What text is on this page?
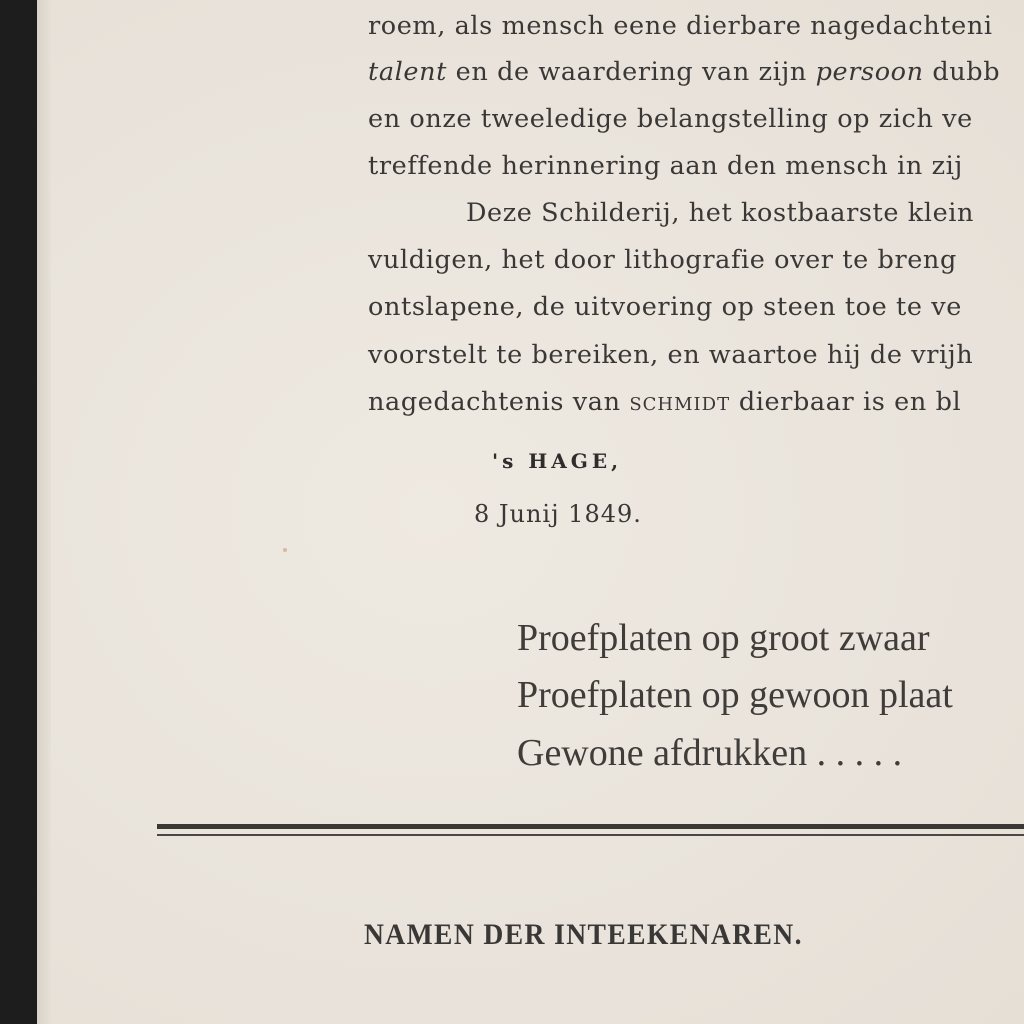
roem, als mensch eene dierbare nagedachteni
talent en de waardering van zijn persoon dubb
en onze tweeledige belangstelling op zich ve
treffende herinnering aan den mensch in zij
Deze Schilderij, het kostbaarste klein
vuldigen, het door lithografie over te breng
ontslapene, de uitvoering op steen toe te ve
voorstelt te bereiken, en waartoe hij de vrijh
nagedachtenis van schmidt dierbaar is en bl
's HAGE,
8 Junij 1849.
Proefplaten op groot zwaar
Proefplaten op gewoon plaat
Gewone afdrukken . . . . .
NAMEN DER INTEEKENAREN.
